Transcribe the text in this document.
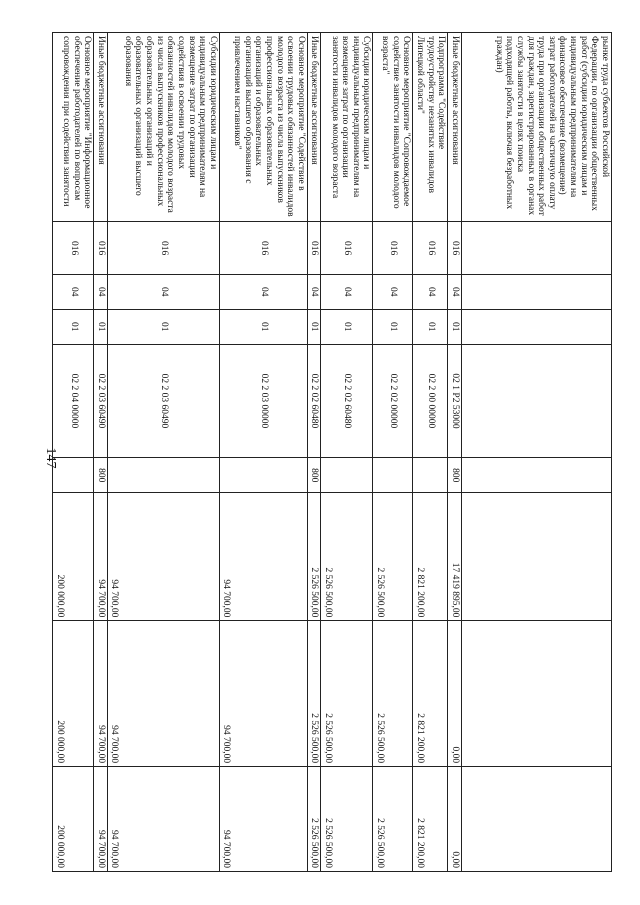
147
рынке труда субъектов Российской Федерации, по организации общественных работ (субсидии юридическим лицам и индивидуальным предпринимателям на финансовое обеспечение (возмещение) затрат работодателей на частичную оплату труда при организации общественных работ для граждан, зарегистрированных в органах службы занятости в целях поиска подходящей работы, включая безработных граждан)								
Иные бюджетные ассигнования	016	04	01	02 1 P2 53000	800	17 419 895,00	0,00	0,00
Подпрограмма "Содействие трудоустройству незанятых инвалидов Липецкой области"	016	04	01	02 2 00 00000		2 821 200,00	2 821 200,00	2 821 200,00
Основное мероприятие "Сопровождаемое содействие занятости инвалидов молодого возраста"	016	04	01	02 2 02 00000		2 526 500,00	2 526 500,00	2 526 500,00
Субсидии юридическим лицам и индивидуальным предпринимателям на возмещение затрат по организации занятости инвалидов молодого возраста	016	04	01	02 2 02 60480		2 526 500,00	2 526 500,00	2 526 500,00
Иные бюджетные ассигнования	016	04	01	02 2 02 60480	800	2 526 500,00	2 526 500,00	2 526 500,00
Основное мероприятие "Содействие в освоении трудовых обязанностей инвалидов молодого возраста из числа выпускников профессиональных образовательных организаций и образовательных организаций высшего образования с привлечением наставников"	016	04	01	02 2 03 00000		94 700,00	94 700,00	94 700,00
Субсидии юридическим лицам и индивидуальным предпринимателям на возмещение затрат по организации содействия в освоении трудовых обязанностей инвалидов молодого возраста из числа выпускников профессиональных образовательных организаций и образовательных организаций высшего образования	016	04	01	02 2 03 60490		94 700,00	94 700,00	94 700,00
Иные бюджетные ассигнования	016	04	01	02 2 03 60490	800	94 700,00	94 700,00	94 700,00
Основное мероприятие "Информационное обеспечение работодателей по вопросам сопровождения при содействии занятости	016	04	01	02 2 04 00000		200 000,00	200 000,00	200 000,00
